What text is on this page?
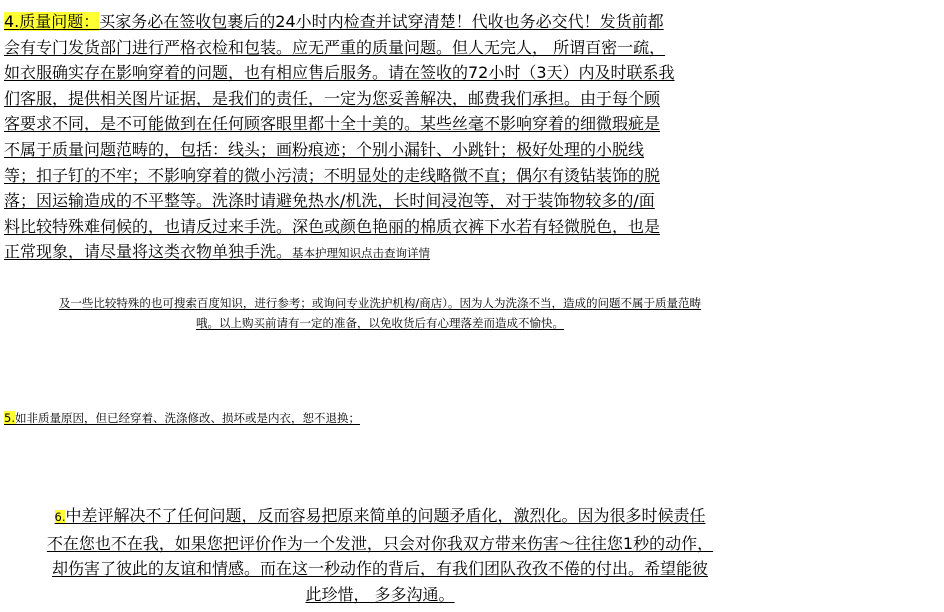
4.质量问题：买家务必在签收包裹后的24小时内检查并试穿清楚！代收也务必交代！发货前都
会有专门发货部门进行严格衣检和包装。应无严重的质量问题。但人无完人， 所谓百密一疏，
如衣服确实存在影响穿着的问题，也有相应售后服务。请在签收的72小时（3天）内及时联系我
们客服，提供相关图片证据，是我们的责任，一定为您妥善解决，邮费我们承担。由于每个顾
客要求不同，是不可能做到在任何顾客眼里都十全十美的。某些丝毫不影响穿着的细微瑕疵是
不属于质量问题范畴的，包括：线头；画粉痕迹；个别小漏针、小跳针；极好处理的小脱线
等；扣子钉的不牢；不影响穿着的微小污渍；不明显处的走线略微不直；偶尔有烫钻装饰的脱
落；因运输造成的不平整等。洗涤时请避免热水/机洗，长时间浸泡等，对于装饰物较多的/面
料比较特殊难伺候的，也请反过来手洗。深色或颜色艳丽的棉质衣裤下水若有轻微脱色，也是
正常现象，请尽量将这类衣物单独手洗。基本护理知识点击查询详情
及一些比较特殊的也可搜索百度知识，进行参考；或询问专业洗护机构/商店）。因为人为洗涤不当，造成的问题不属于质量范畴
哦。以上购买前请有一定的准备，以免收货后有心理落差而造成不愉快。
5.如非质量原因，但已经穿着、洗涤修改、损坏或是内衣，恕不退换；
6.中差评解决不了任何问题，反而容易把原来简单的问题矛盾化，激烈化。因为很多时候责任
不在您也不在我，如果您把评价作为一个发泄，只会对你我双方带来伤害～往往您1秒的动作，
却伤害了彼此的友谊和情感。而在这一秒动作的背后，有我们团队孜孜不倦的付出。希望能彼
此珍惜， 多多沟通。
